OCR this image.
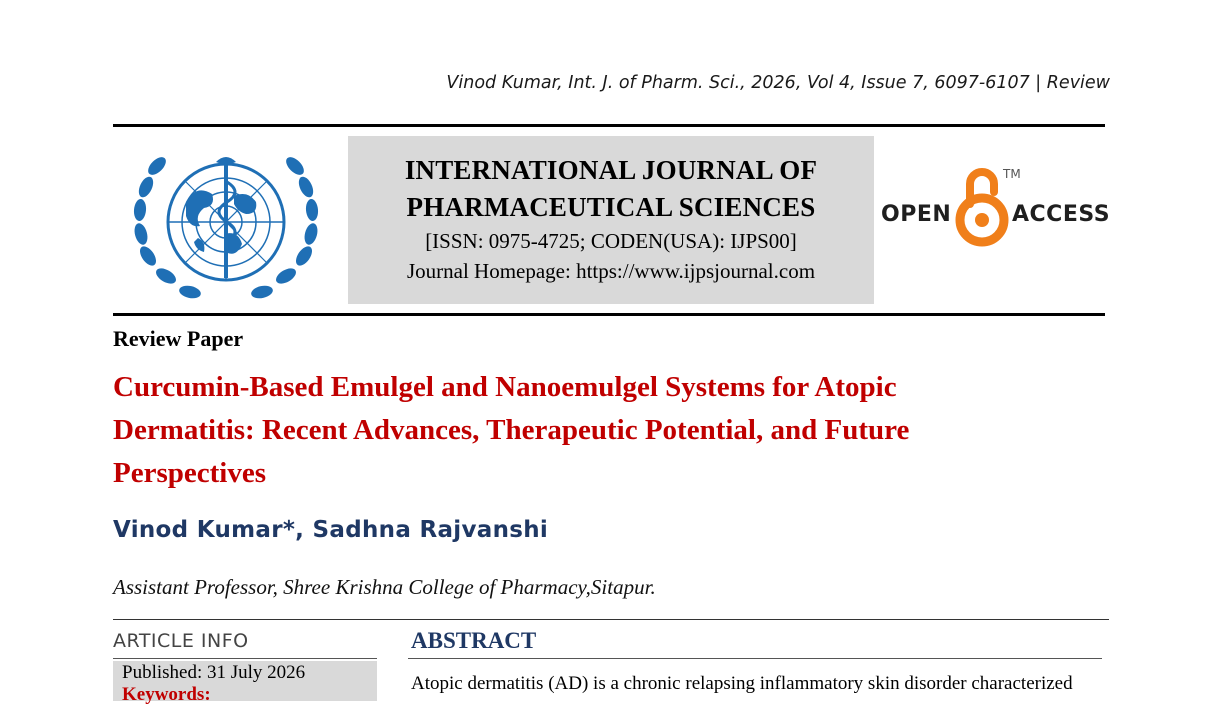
Vinod Kumar, Int. J. of Pharm. Sci., 2026, Vol 4, Issue 7, 6097-6107 | Review
INTERNATIONAL JOURNAL OF
PHARMACEUTICAL SCIENCES
[ISSN: 0975-4725; CODEN(USA): IJPS00]
Journal Homepage: https://www.ijpsjournal.com
OPEN
TM
ACCESS
Review Paper
Curcumin-Based Emulgel and Nanoemulgel Systems for Atopic
Dermatitis: Recent Advances, Therapeutic Potential, and Future
Perspectives
Vinod Kumar*, Sadhna Rajvanshi
Assistant Professor, Shree Krishna College of Pharmacy,Sitapur.
ARTICLE INFO
Published: 31 July 2026
Keywords:
ABSTRACT
Atopic dermatitis (AD) is a chronic relapsing inflammatory skin disorder characterized
